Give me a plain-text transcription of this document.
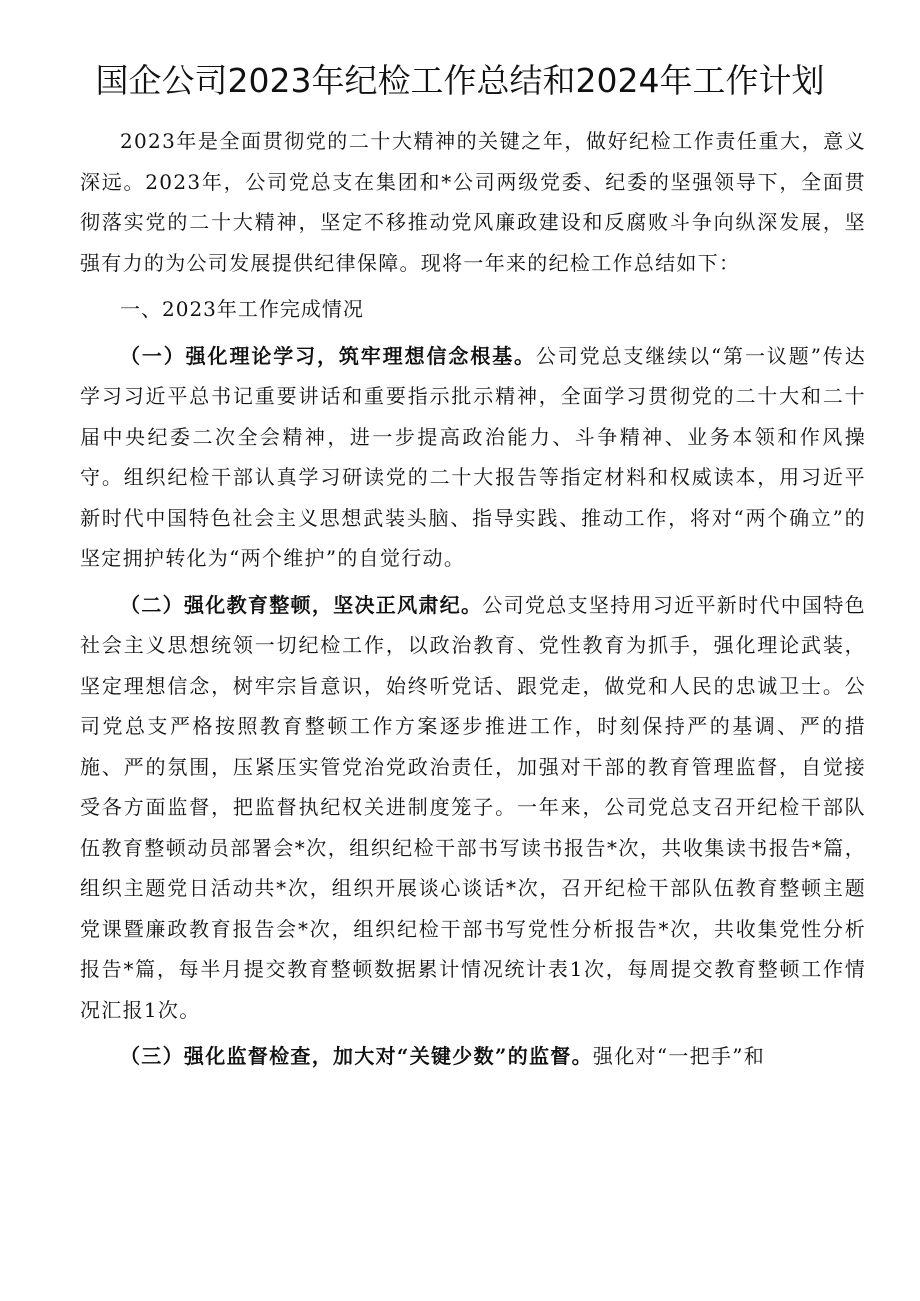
国企公司2023年纪检工作总结和2024年工作计划

2023年是全面贯彻党的二十大精神的关键之年，做好纪检工作责任重大，意义深远。2023年，公司党总支在集团和*公司两级党委、纪委的坚强领导下，全面贯彻落实党的二十大精神，坚定不移推动党风廉政建设和反腐败斗争向纵深发展，坚强有力的为公司发展提供纪律保障。现将一年来的纪检工作总结如下：

一、2023年工作完成情况

（一）强化理论学习，筑牢理想信念根基。公司党总支继续以“第一议题”传达学习习近平总书记重要讲话和重要指示批示精神，全面学习贯彻党的二十大和二十届中央纪委二次全会精神，进一步提高政治能力、斗争精神、业务本领和作风操守。组织纪检干部认真学习研读党的二十大报告等指定材料和权威读本，用习近平新时代中国特色社会主义思想武装头脑、指导实践、推动工作，将对“两个确立”的坚定拥护转化为“两个维护”的自觉行动。

（二）强化教育整顿，坚决正风肃纪。公司党总支坚持用习近平新时代中国特色社会主义思想统领一切纪检工作，以政治教育、党性教育为抓手，强化理论武装，坚定理想信念，树牢宗旨意识，始终听党话、跟党走，做党和人民的忠诚卫士。公司党总支严格按照教育整顿工作方案逐步推进工作，时刻保持严的基调、严的措施、严的氛围，压紧压实管党治党政治责任，加强对干部的教育管理监督，自觉接受各方面监督，把监督执纪权关进制度笼子。一年来，公司党总支召开纪检干部队伍教育整顿动员部署会*次，组织纪检干部书写读书报告*次，共收集读书报告*篇，组织主题党日活动共*次，组织开展谈心谈话*次，召开纪检干部队伍教育整顿主题党课暨廉政教育报告会*次，组织纪检干部书写党性分析报告*次，共收集党性分析报告*篇，每半月提交教育整顿数据累计情况统计表1次，每周提交教育整顿工作情况汇报1次。

（三）强化监督检查，加大对“关键少数”的监督。强化对“一把手”和
